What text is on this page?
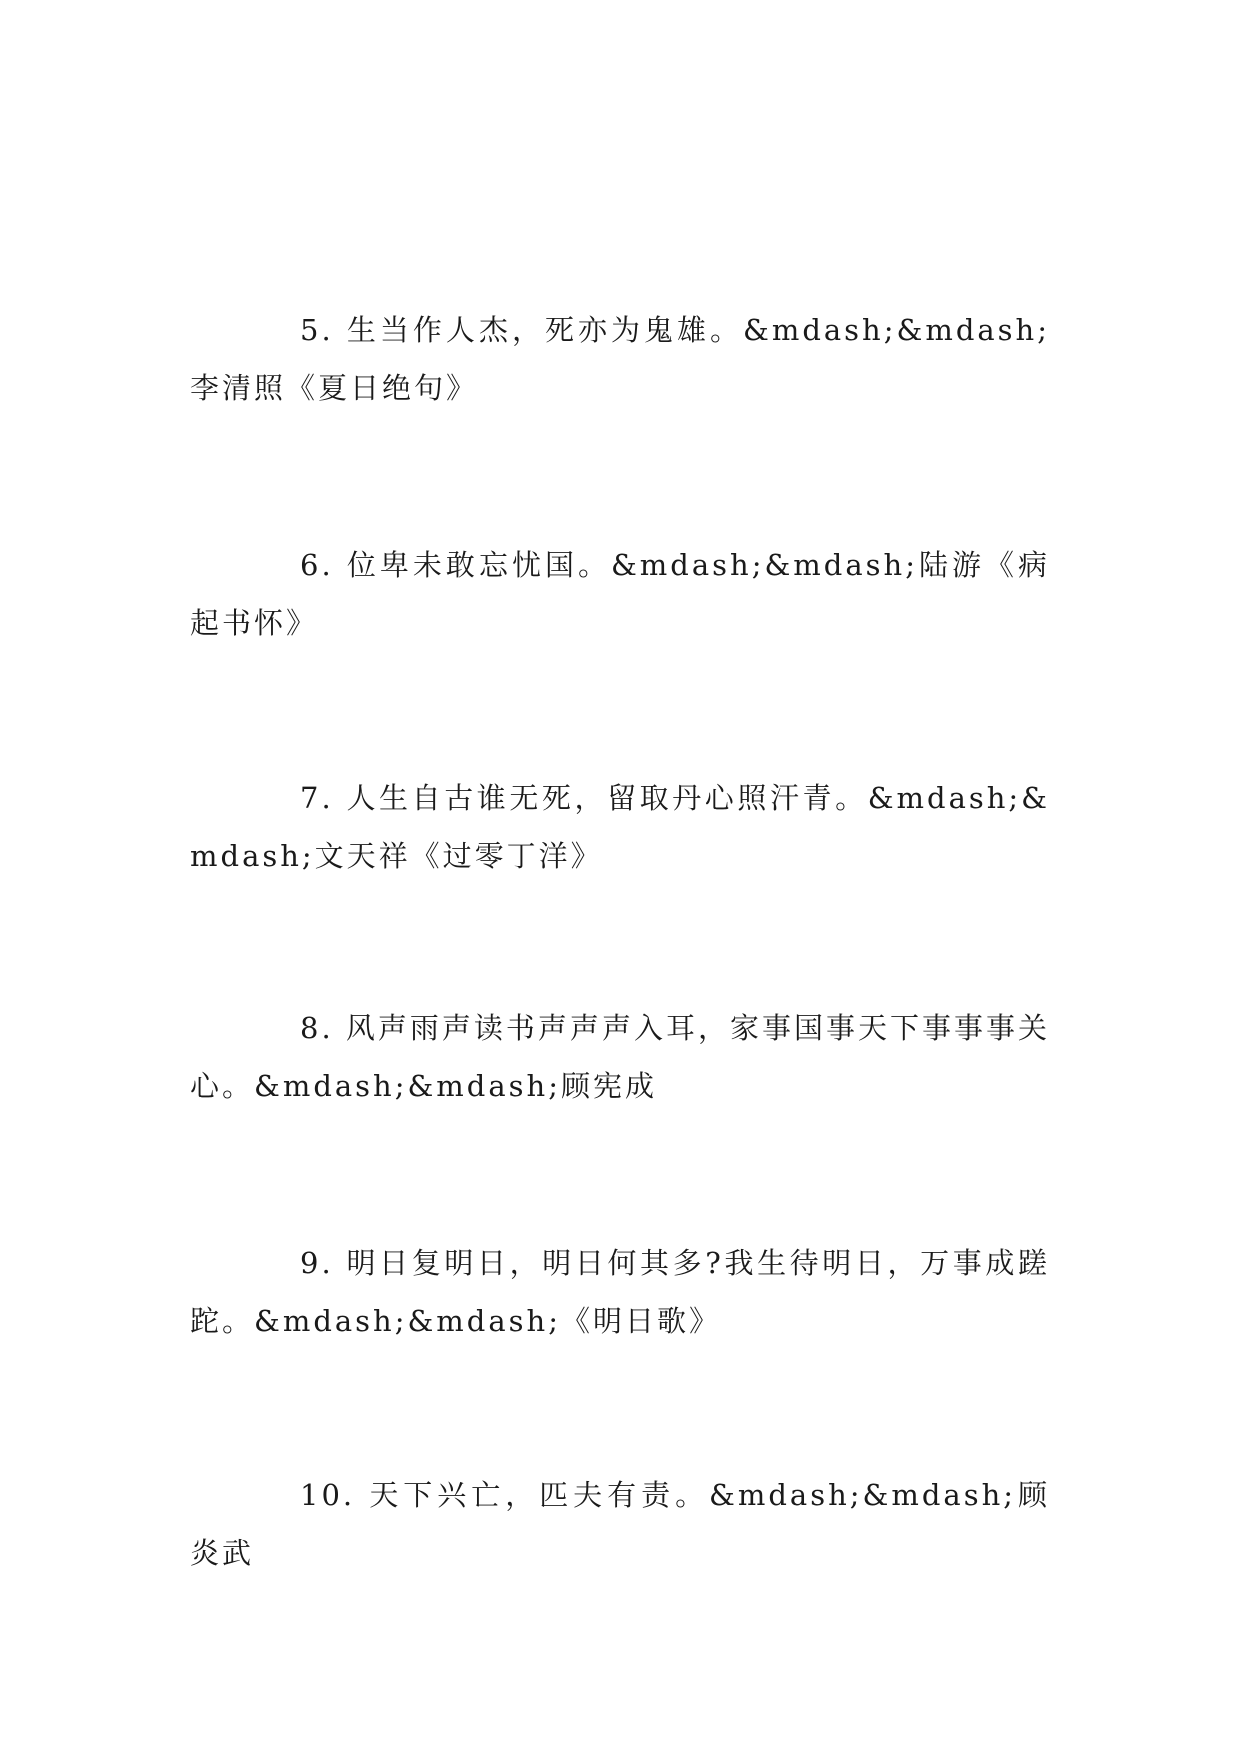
5. 生当作人杰，死亦为鬼雄。&mdash;&mdash;李清照《夏日绝句》

6. 位卑未敢忘忧国。&mdash;&mdash;陆游《病起书怀》

7. 人生自古谁无死，留取丹心照汗青。&mdash;&mdash;文天祥《过零丁洋》

8. 风声雨声读书声声声入耳，家事国事天下事事事关心。&mdash;&mdash;顾宪成

9. 明日复明日，明日何其多?我生待明日，万事成蹉跎。&mdash;&mdash;《明日歌》

10. 天下兴亡，匹夫有责。&mdash;&mdash;顾炎武
